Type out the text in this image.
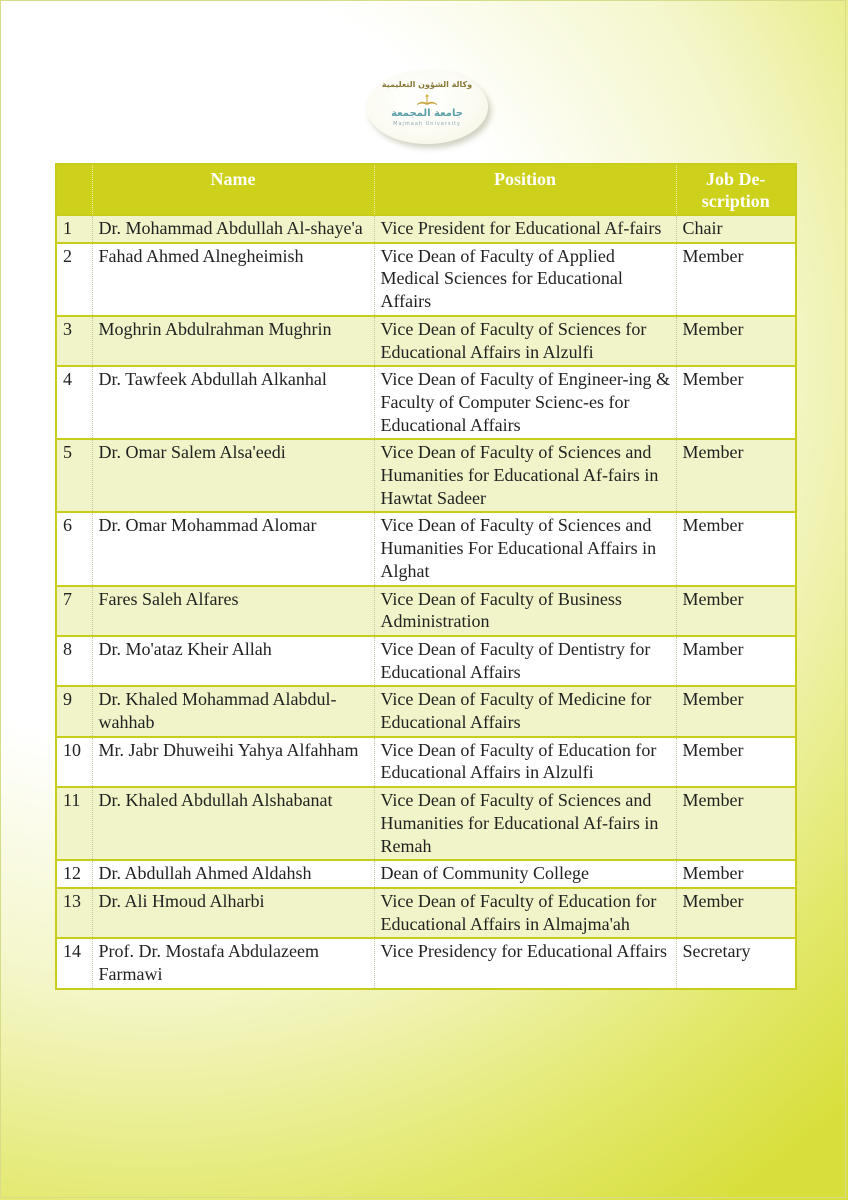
وكالة الشؤون التعليمية
جامعة المجمعة
Majmaah University
	Name	Position	Job De-scription
1	Dr. Mohammad Abdullah Al-shaye'a	Vice President for Educational Af-fairs	Chair
2	Fahad Ahmed Alnegheimish	Vice Dean of Faculty of Applied Medical Sciences for Educational Affairs	Member
3	Moghrin Abdulrahman Mughrin	Vice Dean of Faculty of Sciences for Educational Affairs in Alzulfi	Member
4	Dr. Tawfeek Abdullah Alkanhal	Vice Dean of Faculty of Engineer-ing & Faculty of Computer Scienc-es for Educational Affairs	Member
5	Dr. Omar Salem Alsa'eedi	Vice Dean of Faculty of Sciences and Humanities for Educational Af-fairs in Hawtat Sadeer	Member
6	Dr. Omar Mohammad Alomar	Vice Dean of Faculty of Sciences and Humanities For Educational Affairs in Alghat	Member
7	Fares Saleh Alfares	Vice Dean of Faculty of Business Administration	Member
8	Dr. Mo'ataz Kheir Allah	Vice Dean of Faculty of Dentistry for Educational Affairs	Mamber
9	Dr. Khaled Mohammad Alabdul-wahhab	Vice Dean of Faculty of Medicine for Educational Affairs	Member
10	Mr. Jabr Dhuweihi Yahya Alfahham	Vice Dean of Faculty of Education for Educational Affairs in Alzulfi	Member
11	Dr. Khaled Abdullah Alshabanat	Vice Dean of Faculty of Sciences and Humanities for Educational Af-fairs in Remah	Member
12	Dr. Abdullah Ahmed Aldahsh	Dean of Community College	Member
13	Dr. Ali Hmoud Alharbi	Vice Dean of Faculty of Education for Educational Affairs in Almajma'ah	Member
14	Prof. Dr. Mostafa Abdulazeem Farmawi	Vice Presidency for Educational Affairs	Secretary
